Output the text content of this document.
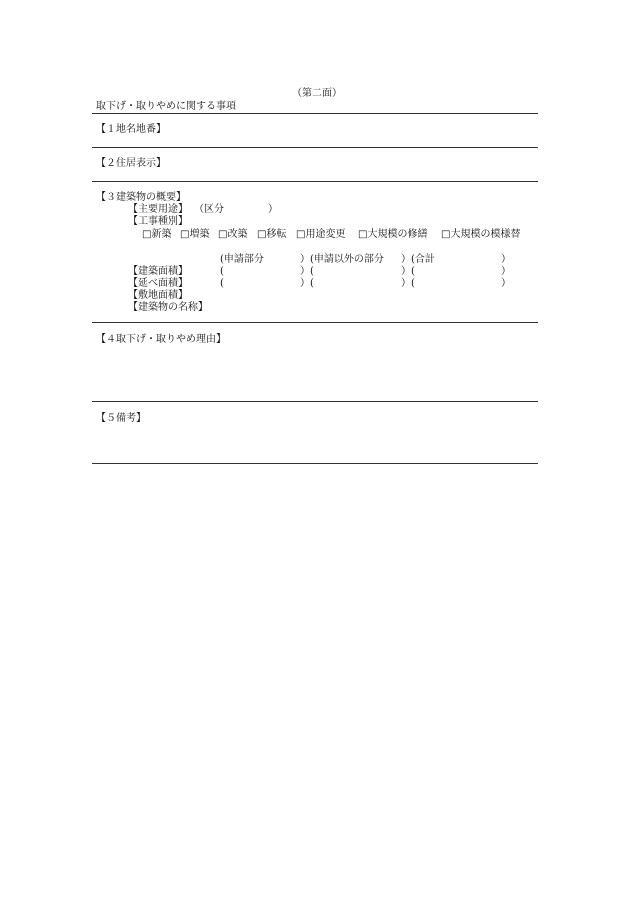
（第二面）
取下げ・取りやめに関する事項
【１地名地番】
【２住居表示】
【３建築物の概要】
【主要用途】 （区分	）
【工事種別】
□新築 □増築 □改築 □移転 □用途変更 □大規模の修繕 □大規模の模様替
(申請部分	）(申請以外の部分 ）(合計	）
【建築面積】	(	）(	）(	）
【延べ面積】	(	）(	）(	）
【敷地面積】
【建築物の名称】
【４取下げ・取りやめ理由】
【５備考】
